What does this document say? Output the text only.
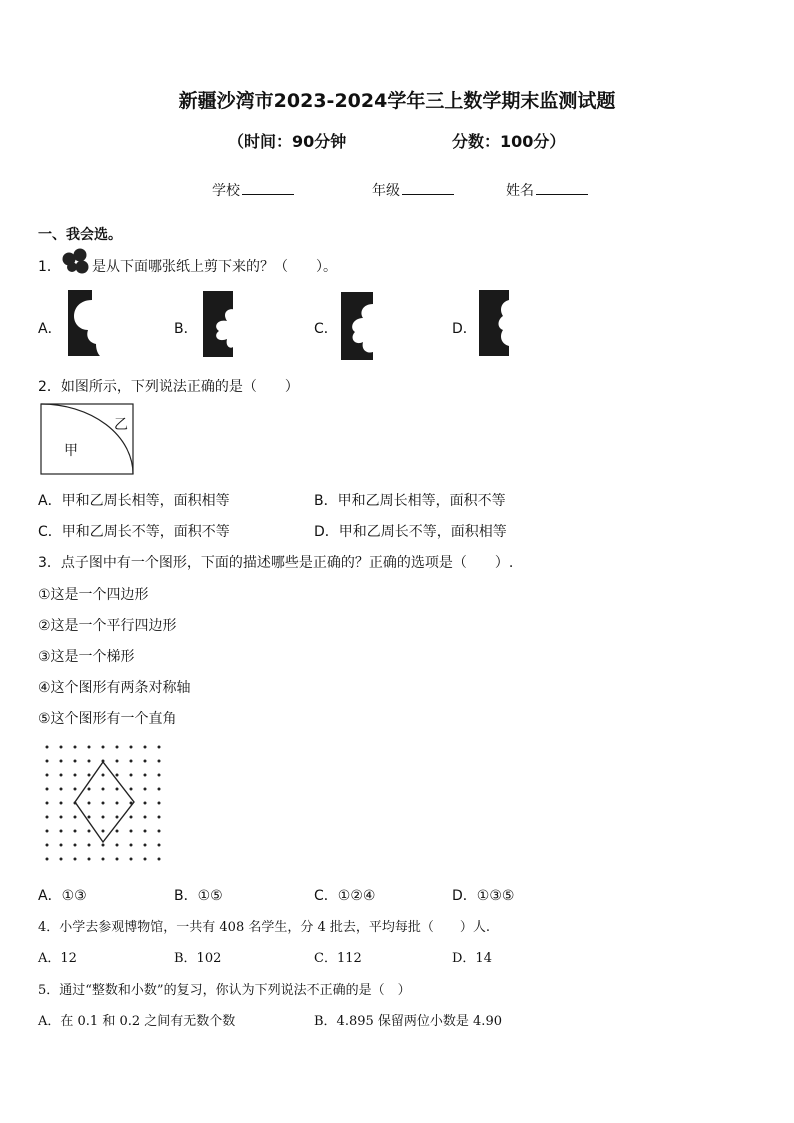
新疆沙湾市2023-2024学年三上数学期末监测试题
（时间：90分钟	分数：100分）
学校	年级	姓名
一、我会选。
1． 是从下面哪张纸上剪下来的？（　　）。
A．	B．	C．	D．
2．如图所示，下列说法正确的是（　　）
甲
乙
A．甲和乙周长相等，面积相等	B．甲和乙周长相等，面积不等
C．甲和乙周长不等，面积不等	D．甲和乙周长不等，面积相等
3．点子图中有一个图形，下面的描述哪些是正确的？正确的选项是（　　）.
①这是一个四边形
②这是一个平行四边形
③这是一个梯形
④这个图形有两条对称轴
⑤这个图形有一个直角
A．①③	B．①⑤	C．①②④	D．①③⑤
4．小学去参观博物馆，一共有 408 名学生，分 4 批去，平均每批（　　）人.
A．12	B．102	C．112	D．14
5．通过“整数和小数”的复习，你认为下列说法不正确的是（　）
A．在 0.1 和 0.2 之间有无数个数	B．4.895 保留两位小数是 4.90
